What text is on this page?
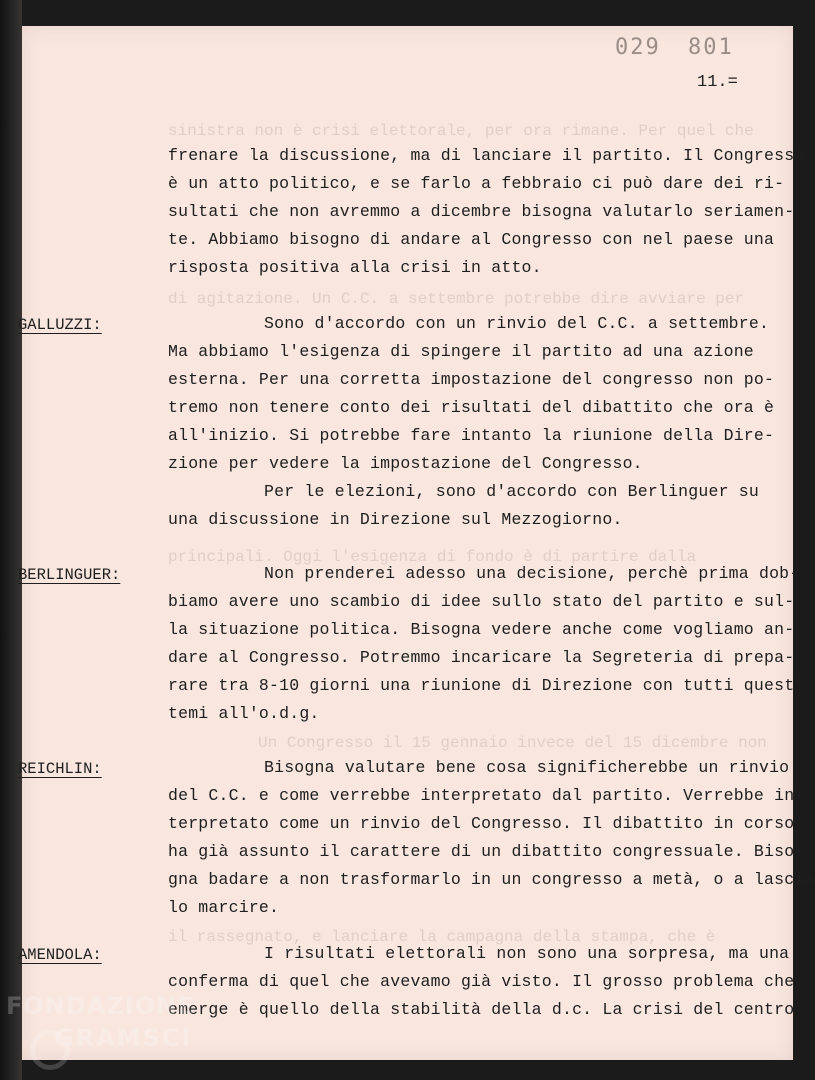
sinistra non è crisi elettorale, per ora rimane. Per quel che
di agitazione. Un C.C. a settembre potrebbe dire avviare per
principali. Oggi l'esigenza di fondo è di partire dalla
Un Congresso il 15 gennaio invece del 15 dicembre non
il rassegnato, e lanciare la campagna della stampa, che è
029 801
11.=
frenare la discussione, ma di lanciare il partito. Il Congresso
è un atto politico, e se farlo a febbraio ci può dare dei ri-
sultati che non avremmo a dicembre bisogna valutarlo seriamen-
te. Abbiamo bisogno di andare al Congresso con nel paese una
risposta positiva alla crisi in atto.
GALLUZZI:	Sono d'accordo con un rinvio del C.C. a settembre.
Ma abbiamo l'esigenza di spingere il partito ad una azione
esterna. Per una corretta impostazione del congresso non po-
tremo non tenere conto dei risultati del dibattito che ora è
all'inizio. Si potrebbe fare intanto la riunione della Dire-
zione per vedere la impostazione del Congresso.
Per le elezioni, sono d'accordo con Berlinguer su
una discussione in Direzione sul Mezzogiorno.
BERLINGUER:	Non prenderei adesso una decisione, perchè prima dob-
biamo avere uno scambio di idee sullo stato del partito e sul-
la situazione politica. Bisogna vedere anche come vogliamo an-
dare al Congresso. Potremmo incaricare la Segreteria di prepa-
rare tra 8-10 giorni una riunione di Direzione con tutti questi
temi all'o.d.g.
REICHLIN:	Bisogna valutare bene cosa significherebbe un rinvio
del C.C. e come verrebbe interpretato dal partito. Verrebbe in-
terpretato come un rinvio del Congresso. Il dibattito in corso
ha già assunto il carattere di un dibattito congressuale. Biso-
gna badare a non trasformarlo in un congresso a metà, o a lascia
lo marcire.
AMENDOLA:	I risultati elettorali non sono una sorpresa, ma una
conferma di quel che avevamo già visto. Il grosso problema che
emerge è quello della stabilità della d.c. La crisi del centro
FONDAZIONE
GRAMSCI
